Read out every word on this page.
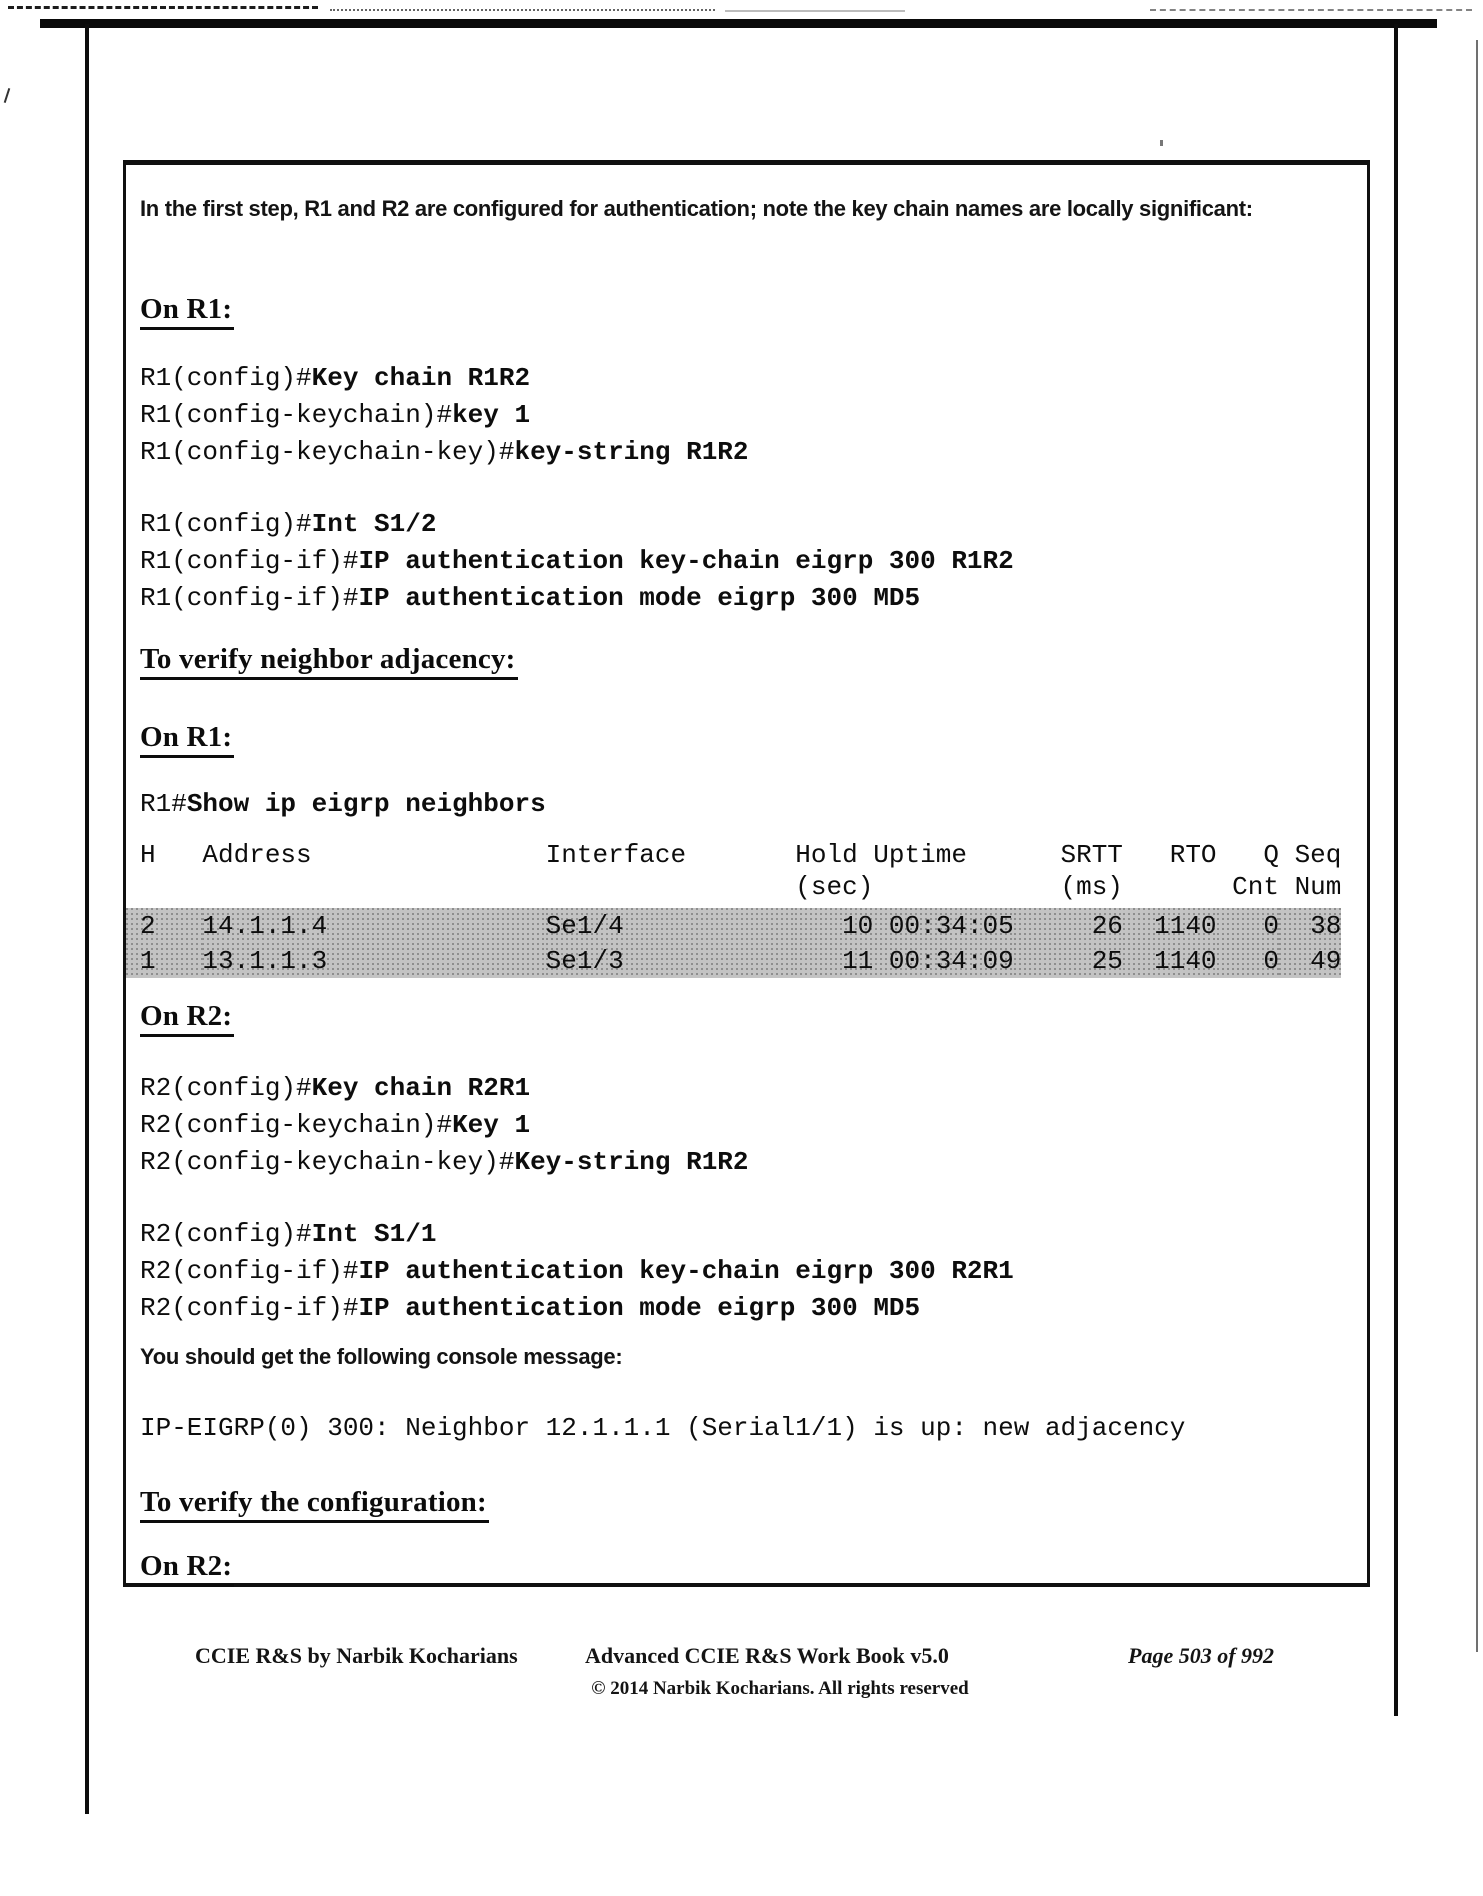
In the first step, R1 and R2 are configured for authentication; note the key chain names are locally significant:

On R1:
R1(config)#Key chain R1R2
R1(config-keychain)#key 1
R1(config-keychain-key)#key-string R1R2
R1(config)#Int S1/2
R1(config-if)#IP authentication key-chain eigrp 300 R1R2
R1(config-if)#IP authentication mode eigrp 300 MD5
To verify neighbor adjacency:
On R1:
R1#Show ip eigrp neighbors
H	Address	Interface	Hold Uptime	SRTT	RTO	Q	Seq
			(sec)	(ms)		Cnt	Num

2	14.1.1.4	Se1/4	10 00:34:05	26	1140	0	38
1	13.1.1.3	Se1/3	11 00:34:09	25	1140	0	49
On R2:
R2(config)#Key chain R2R1
R2(config-keychain)#Key 1
R2(config-keychain-key)#Key-string R1R2
R2(config)#Int S1/1
R2(config-if)#IP authentication key-chain eigrp 300 R2R1
R2(config-if)#IP authentication mode eigrp 300 MD5

You should get the following console message:

IP-EIGRP(0) 300: Neighbor 12.1.1.1 (Serial1/1) is up: new adjacency
To verify the configuration:
On R2:
CCIE R&S by Narbik Kocharians	Advanced CCIE R&S Work Book v5.0	Page 503 of 992
© 2014 Narbik Kocharians. All rights reserved
